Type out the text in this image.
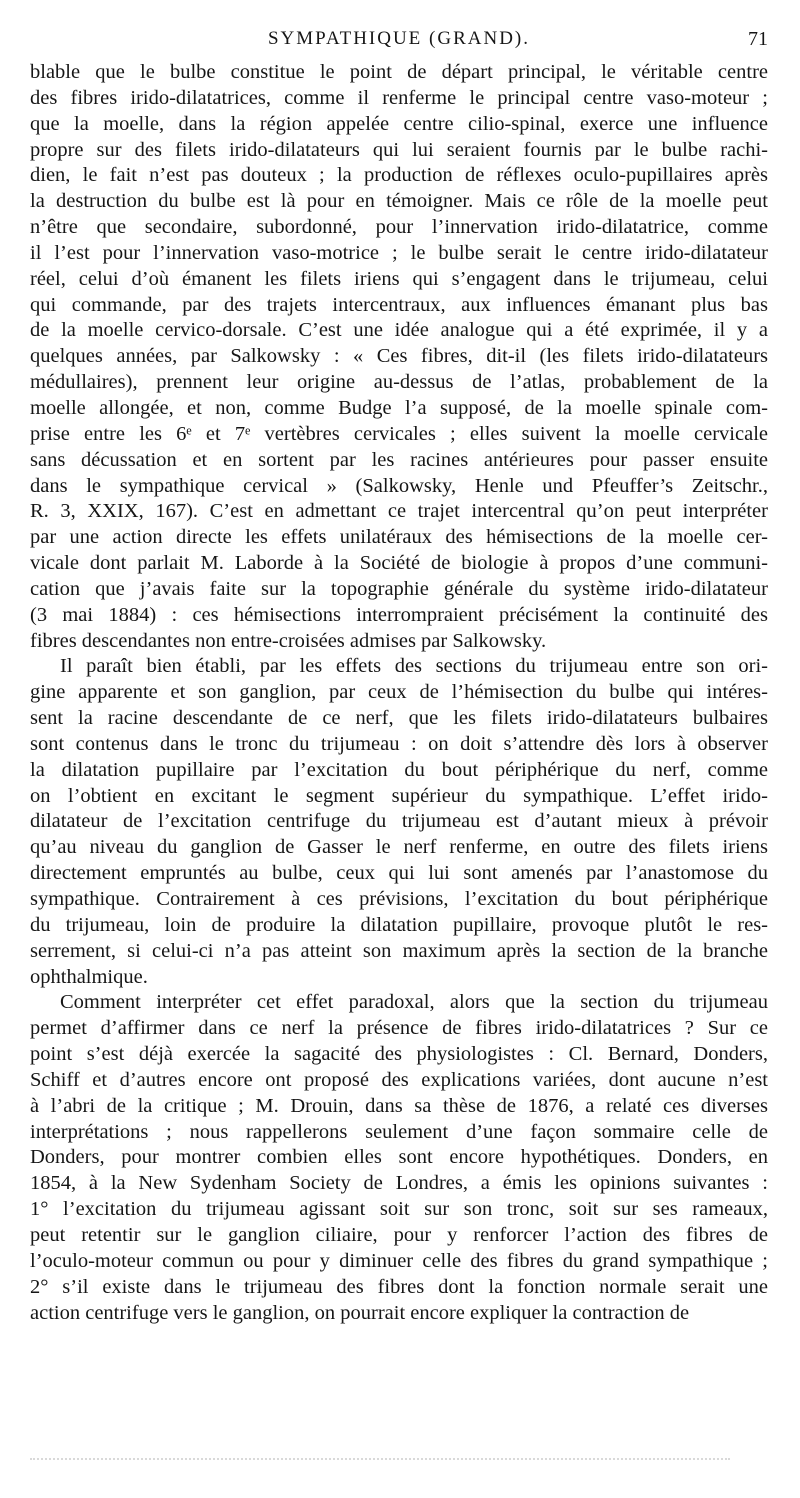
SYMPATHIQUE (GRAND).	71
blable que le bulbe constitue le point de départ principal, le véritable centre
des fibres irido-dilatatrices, comme il renferme le principal centre vaso-moteur ;
que la moelle, dans la région appelée centre cilio-spinal, exerce une influence
propre sur des filets irido-dilatateurs qui lui seraient fournis par le bulbe rachi-
dien, le fait n’est pas douteux ; la production de réflexes oculo-pupillaires après
la destruction du bulbe est là pour en témoigner. Mais ce rôle de la moelle peut
n’être que secondaire, subordonné, pour l’innervation irido-dilatatrice, comme
il l’est pour l’innervation vaso-motrice ; le bulbe serait le centre irido-dilatateur
réel, celui d’où émanent les filets iriens qui s’engagent dans le trijumeau, celui
qui commande, par des trajets intercentraux, aux influences émanant plus bas
de la moelle cervico-dorsale. C’est une idée analogue qui a été exprimée, il y a
quelques années, par Salkowsky : « Ces fibres, dit-il (les filets irido-dilatateurs
médullaires), prennent leur origine au-dessus de l’atlas, probablement de la
moelle allongée, et non, comme Budge l’a supposé, de la moelle spinale com-
prise entre les 6ᵉ et 7ᵉ vertèbres cervicales ; elles suivent la moelle cervicale
sans décussation et en sortent par les racines antérieures pour passer ensuite
dans le sympathique cervical » (Salkowsky, Henle und Pfeuffer’s Zeitschr.,
R. 3, XXIX, 167). C’est en admettant ce trajet intercentral qu’on peut interpréter
par une action directe les effets unilatéraux des hémisections de la moelle cer-
vicale dont parlait M. Laborde à la Société de biologie à propos d’une communi-
cation que j’avais faite sur la topographie générale du système irido-dilatateur
(3 mai 1884) : ces hémisections interrompraient précisément la continuité des
fibres descendantes non entre-croisées admises par Salkowsky.
Il paraît bien établi, par les effets des sections du trijumeau entre son ori-
gine apparente et son ganglion, par ceux de l’hémisection du bulbe qui intéres-
sent la racine descendante de ce nerf, que les filets irido-dilatateurs bulbaires
sont contenus dans le tronc du trijumeau : on doit s’attendre dès lors à observer
la dilatation pupillaire par l’excitation du bout périphérique du nerf, comme
on l’obtient en excitant le segment supérieur du sympathique. L’effet irido-
dilatateur de l’excitation centrifuge du trijumeau est d’autant mieux à prévoir
qu’au niveau du ganglion de Gasser le nerf renferme, en outre des filets iriens
directement empruntés au bulbe, ceux qui lui sont amenés par l’anastomose du
sympathique. Contrairement à ces prévisions, l’excitation du bout périphérique
du trijumeau, loin de produire la dilatation pupillaire, provoque plutôt le res-
serrement, si celui-ci n’a pas atteint son maximum après la section de la branche
ophthalmique.
Comment interpréter cet effet paradoxal, alors que la section du trijumeau
permet d’affirmer dans ce nerf la présence de fibres irido-dilatatrices ? Sur ce
point s’est déjà exercée la sagacité des physiologistes : Cl. Bernard, Donders,
Schiff et d’autres encore ont proposé des explications variées, dont aucune n’est
à l’abri de la critique ; M. Drouin, dans sa thèse de 1876, a relaté ces diverses
interprétations ; nous rappellerons seulement d’une façon sommaire celle de
Donders, pour montrer combien elles sont encore hypothétiques. Donders, en
1854, à la New Sydenham Society de Londres, a émis les opinions suivantes :
1° l’excitation du trijumeau agissant soit sur son tronc, soit sur ses rameaux,
peut retentir sur le ganglion ciliaire, pour y renforcer l’action des fibres de
l’oculo-moteur commun ou pour y diminuer celle des fibres du grand sympathique ;
2° s’il existe dans le trijumeau des fibres dont la fonction normale serait une
action centrifuge vers le ganglion, on pourrait encore expliquer la contraction de
